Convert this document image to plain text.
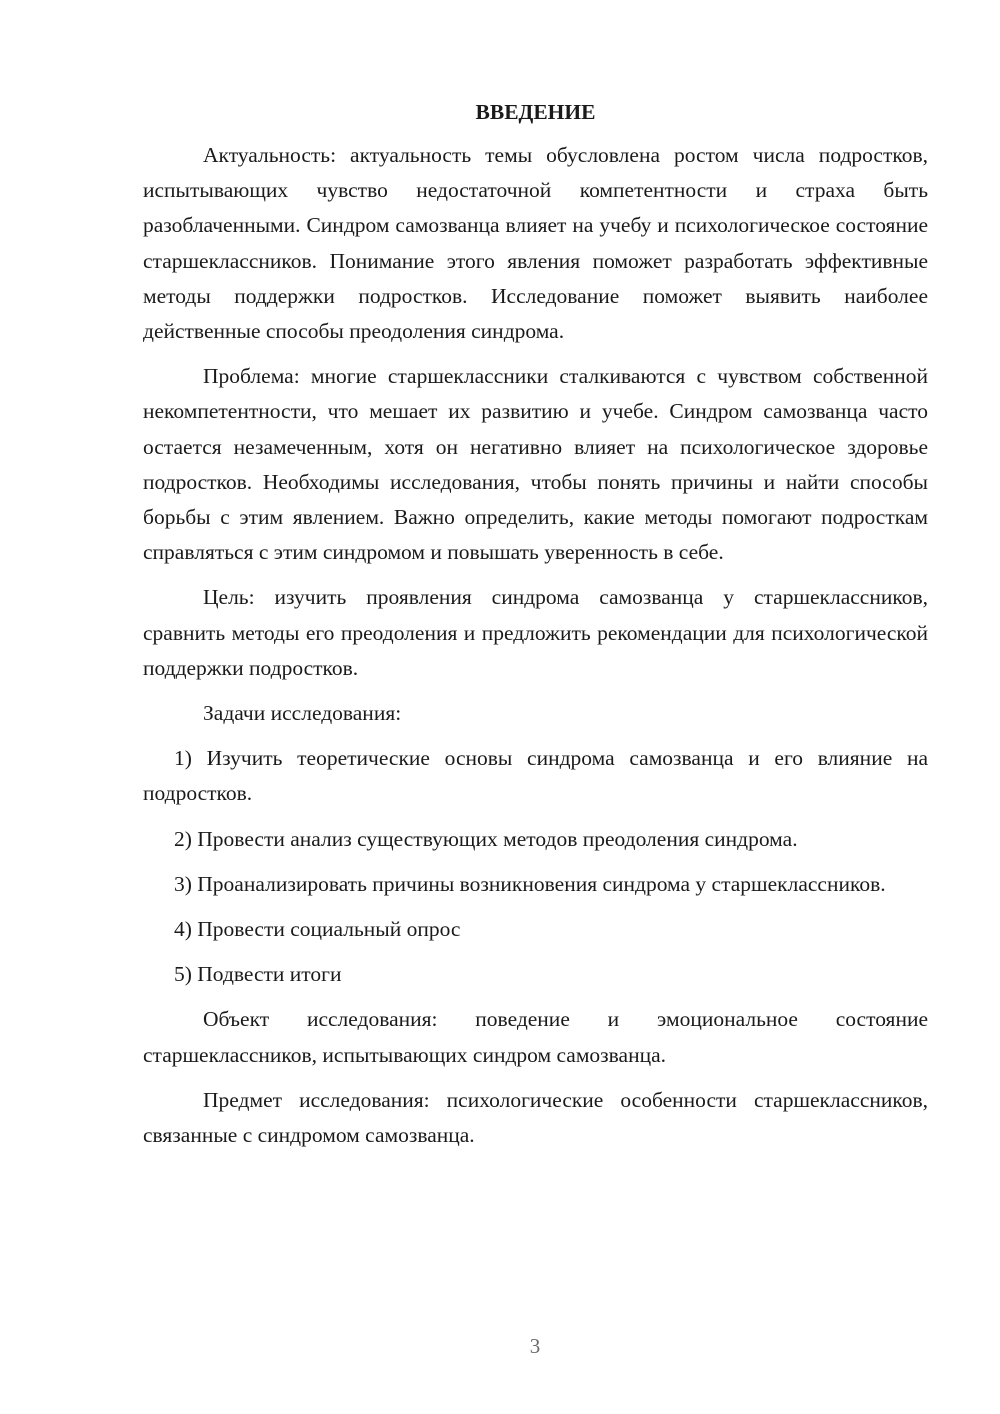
ВВЕДЕНИЕ

Актуальность: актуальность темы обусловлена ростом числа подростков, испытывающих чувство недостаточной компетентности и страха быть разоблаченными. Синдром самозванца влияет на учебу и психологическое состояние старшеклассников. Понимание этого явления поможет разработать эффективные методы поддержки подростков. Исследование поможет выявить наиболее действенные способы преодоления синдрома.

Проблема: многие старшеклассники сталкиваются с чувством собственной некомпетентности, что мешает их развитию и учебе. Синдром самозванца часто остается незамеченным, хотя он негативно влияет на психологическое здоровье подростков. Необходимы исследования, чтобы понять причины и найти способы борьбы с этим явлением. Важно определить, какие методы помогают подросткам справляться с этим синдромом и повышать уверенность в себе.

Цель: изучить проявления синдрома самозванца у старшеклассников, сравнить методы его преодоления и предложить рекомендации для психологической поддержки подростков.

Задачи исследования:

1) Изучить теоретические основы синдрома самозванца и его влияние на подростков.

2) Провести анализ существующих методов преодоления синдрома.

3) Проанализировать причины возникновения синдрома у старшеклассников.

4) Провести социальный опрос

5) Подвести итоги

Объект исследования: поведение и эмоциональное состояние старшеклассников, испытывающих синдром самозванца.

Предмет исследования: психологические особенности старшеклассников, связанные с синдромом самозванца.

3
